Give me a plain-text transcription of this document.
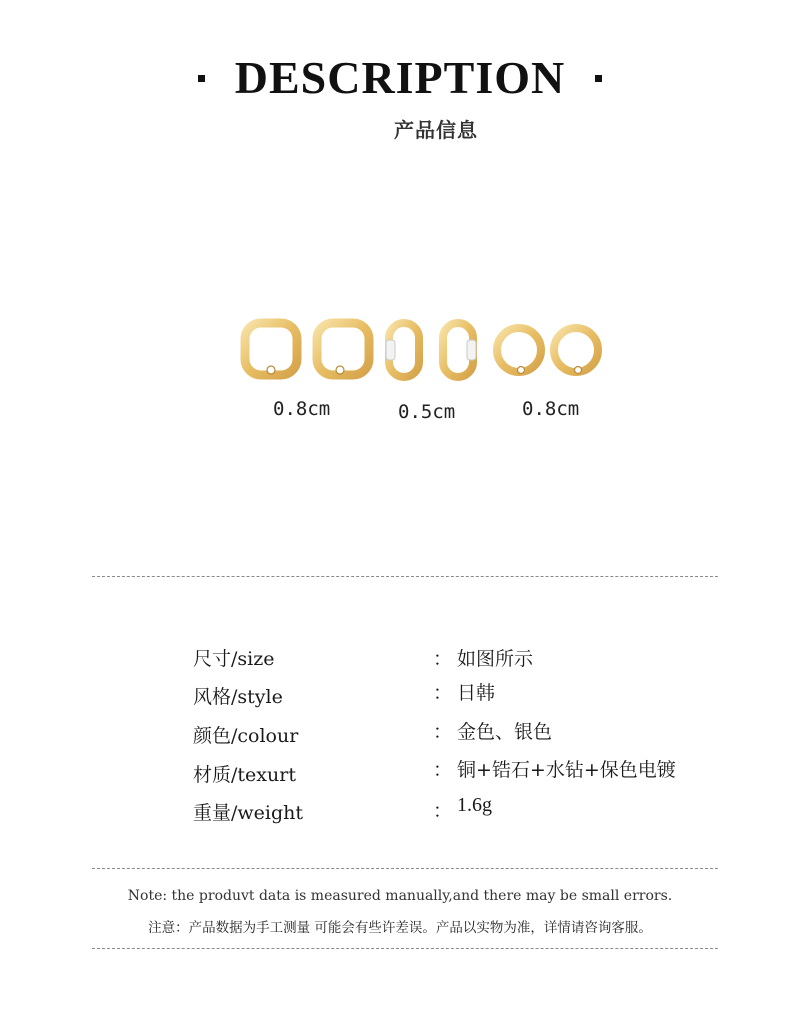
DESCRIPTION
产品信息
0.8cm	0.5cm	0.8cm
尺寸/size	： 如图所示
风格/style	： 日韩
颜色/colour	： 金色、银色
材质/texurt	： 铜+锆石+水钻+保色电镀
重量/weight	： 1.6g
Note: the produvt data is measured manually,and there may be small errors.
注意：产品数据为手工测量 可能会有些许差误。产品以实物为准，详情请咨询客服。
